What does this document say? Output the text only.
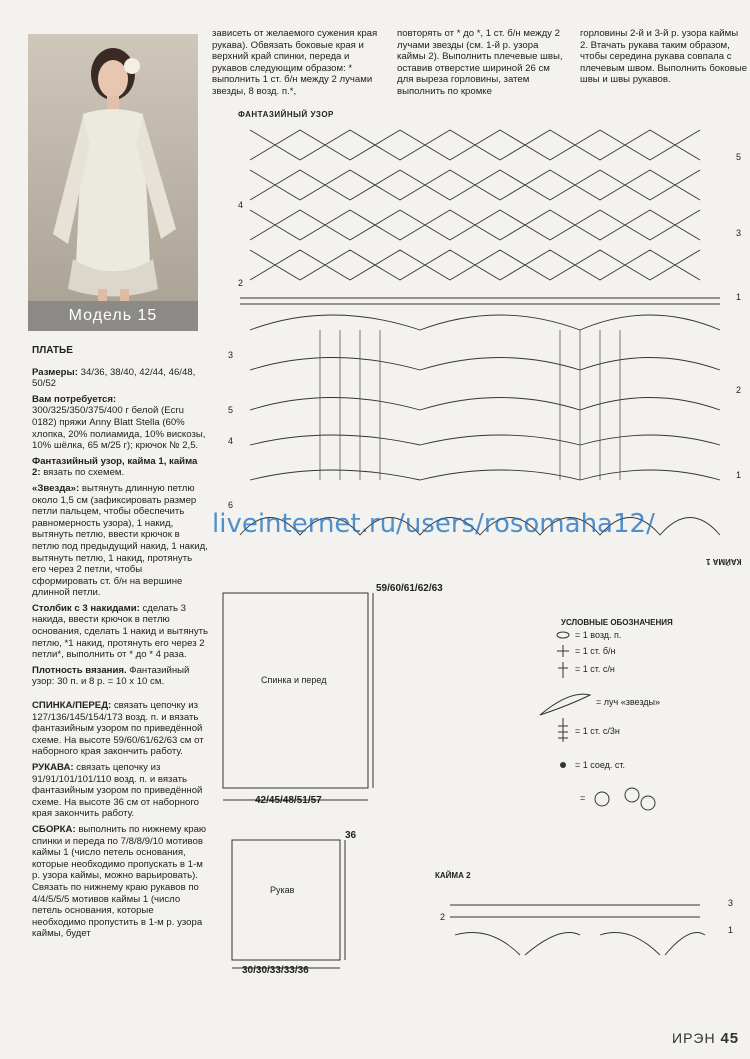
Модель 15
ПЛАТЬЕ

Размеры: 34/36, 38/40, 42/44, 46/48, 50/52

Вам потребуется: 300/325/350/375/400 г белой (Ecru 0182) пряжи Anny Blatt Stella (60% хлопка, 20% полиамида, 10% вискозы, 10% шёлка, 65 м/25 г); крючок № 2,5.

Фантазийный узор, кайма 1, кайма 2: вязать по схемем.

«Звезда»: вытянуть длинную петлю около 1,5 см (зафиксировать размер петли пальцем, чтобы обеспечить равномерность узора), 1 накид, вытянуть петлю, ввести крючок в петлю под предыдущий накид, 1 накид, вытянуть петлю, 1 накид, протянуть его через 2 петли, чтобы сформировать ст. б/н на вершине длинной петли.

Столбик с 3 накидами: сделать 3 накида, ввести крючок в петлю основания, сделать 1 накид и вытянуть петлю, *1 накид, протянуть его через 2 петли*, выполнить от * до * 4 раза.

Плотность вязания. Фантазийный узор: 30 п. и 8 р. = 10 х 10 см.

СПИНКА/ПЕРЕД: связать цепочку из 127/136/145/154/173 возд. п. и вязать фантазийным узором по приведённой схеме. На высоте 59/60/61/62/63 см от наборного края закончить работу.

РУКАВА: связать цепочку из 91/91/101/101/110 возд. п. и вязать фантазийным узором по приведённой схеме. На высоте 36 см от наборного края закончить работу.

СБОРКА: выполнить по нижнему краю спинки и переда по 7/8/8/9/10 мотивов каймы 1 (число петель основания, которые необходимо пропускать в 1-м р. узора каймы, можно варьировать). Связать по нижнему краю рукавов по 4/4/5/5/5 мотивов каймы 1 (число петель основания, которые необходимо пропустить в 1-м р. узора каймы, будет

зависеть от желаемого сужения края рукава). Обвязать боковые края и верхний край спинки, переда и рукавов следующим образом: * выполнить 1 ст. б/н между 2 лучами звезды, 8 возд. п.*,
повторять от * до *, 1 ст. б/н между 2 лучами звезды (см. 1-й р. узора каймы 2). Выполнить плечевые швы, оставив отверстие шириной 26 см для выреза горловины, затем выполнить по кромке
горловины 2-й и 3-й р. узора каймы 2. Втачать рукава таким образом, чтобы середина рукава совпала с плечевым швом. Выполнить боковые швы и швы рукавов.
ФАНТАЗИЙНЫЙ УЗОР
4
2
3
5
4
6
5
3
1
2
1
КАЙМА 1
liveinternet.ru/users/rosomaha12/
Спинка и перед
59/60/61/62/63
42/45/48/51/57
Рукав
36
30/30/33/33/36
УСЛОВНЫЕ ОБОЗНАЧЕНИЯ
= 1 возд. п.
= 1 ст. б/н
= 1 ст. с/н
= луч «звезды»
= 1 ст. с/3н
= 1 соед. ст.
=
КАЙМА 2
2
3
1
ИРЭН 45
